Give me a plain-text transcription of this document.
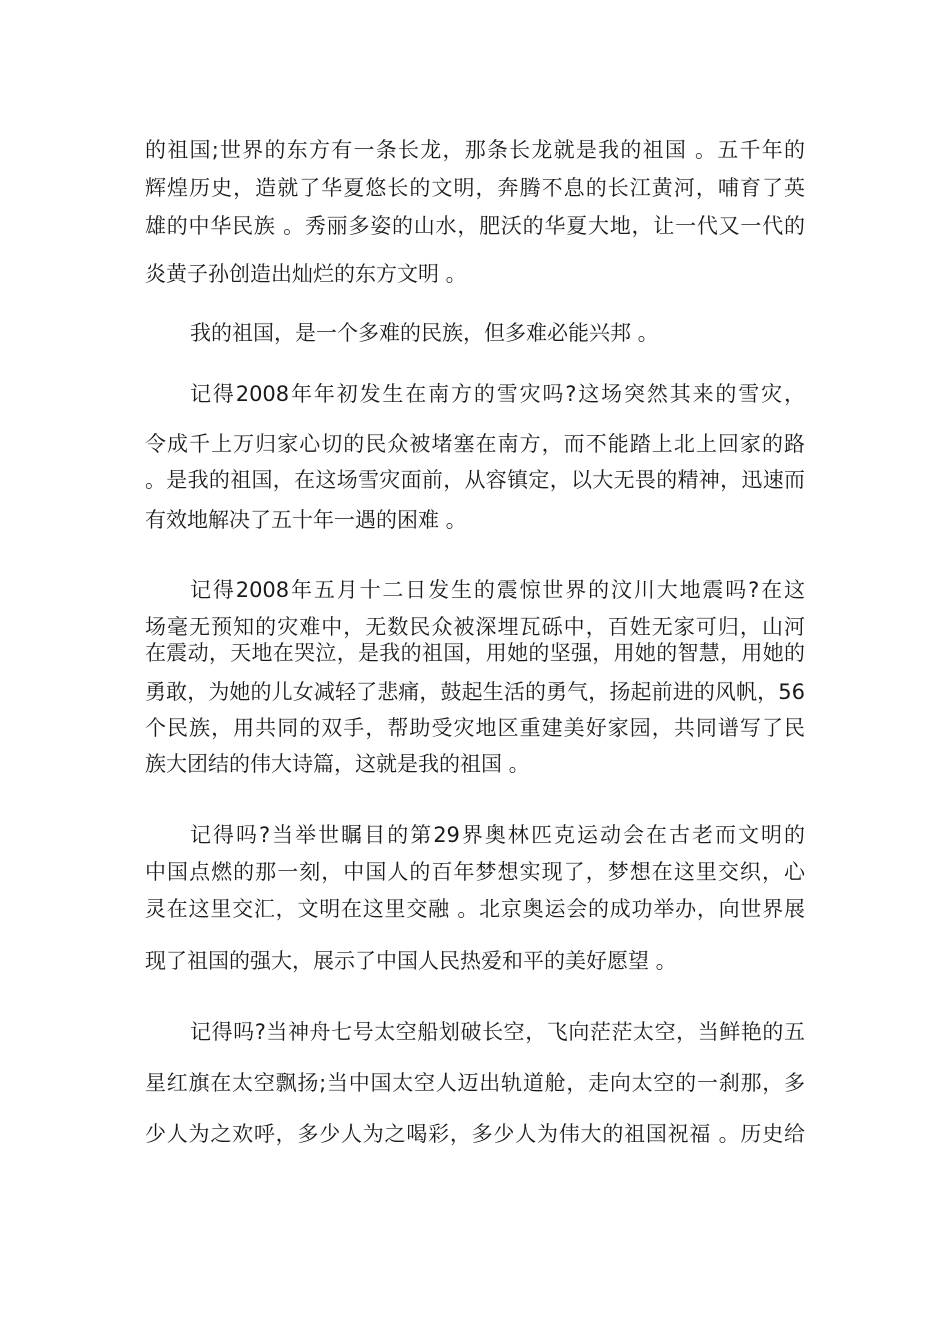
的祖国;世界的东方有一条长龙，那条长龙就是我的祖国 。五千年的
辉煌历史，造就了华夏悠长的文明，奔腾不息的长江黄河，哺育了英
雄的中华民族 。秀丽多姿的山水，肥沃的华夏大地，让一代又一代的
炎黄子孙创造出灿烂的东方文明 。
我的祖国，是一个多难的民族，但多难必能兴邦 。
记得2008年年初发生在南方的雪灾吗?这场突然其来的雪灾，
令成千上万归家心切的民众被堵塞在南方，而不能踏上北上回家的路
。是我的祖国，在这场雪灾面前，从容镇定，以大无畏的精神，迅速而
有效地解决了五十年一遇的困难 。
记得2008年五月十二日发生的震惊世界的汶川大地震吗?在这
场毫无预知的灾难中，无数民众被深埋瓦砾中，百姓无家可归，山河
在震动，天地在哭泣，是我的祖国，用她的坚强，用她的智慧，用她的
勇敢，为她的儿女减轻了悲痛，鼓起生活的勇气，扬起前进的风帆，56
个民族，用共同的双手，帮助受灾地区重建美好家园，共同谱写了民
族大团结的伟大诗篇，这就是我的祖国 。
记得吗?当举世瞩目的第29界奥林匹克运动会在古老而文明的
中国点燃的那一刻，中国人的百年梦想实现了，梦想在这里交织，心
灵在这里交汇，文明在这里交融 。北京奥运会的成功举办，向世界展
现了祖国的强大，展示了中国人民热爱和平的美好愿望 。
记得吗?当神舟七号太空船划破长空，飞向茫茫太空，当鲜艳的五
星红旗在太空飘扬;当中国太空人迈出轨道舱，走向太空的一刹那，多
少人为之欢呼，多少人为之喝彩，多少人为伟大的祖国祝福 。历史给
